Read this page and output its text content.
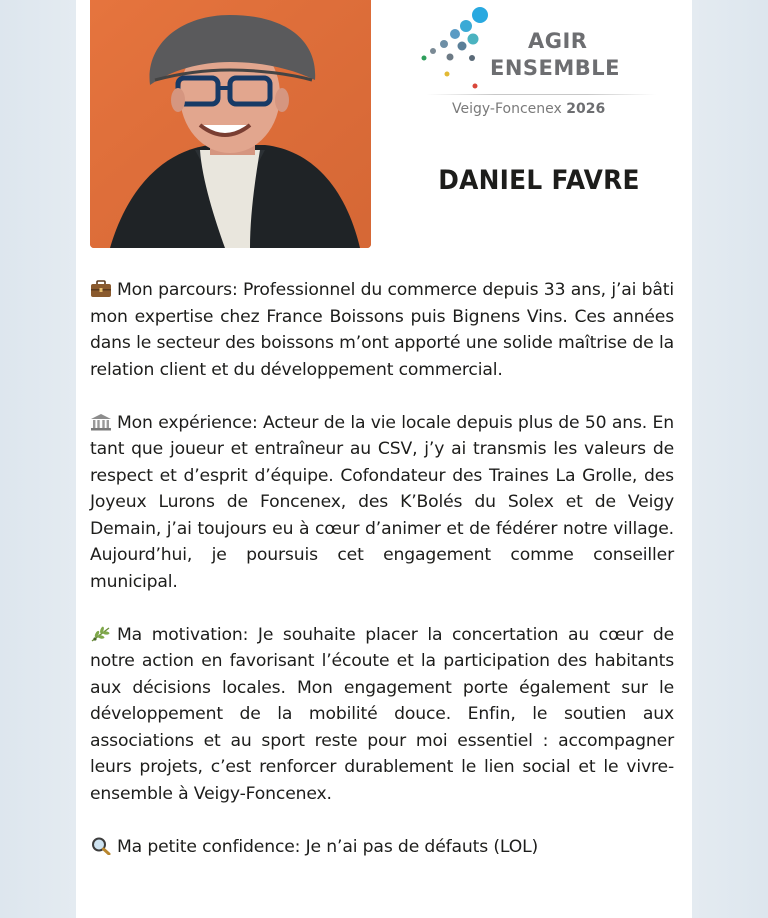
AGIR
ENSEMBLE
Veigy-Foncenex 2026
DANIEL FAVRE

Mon parcours: Professionnel du commerce depuis 33 ans, j’ai bâti mon expertise chez France Boissons puis Bignens Vins. Ces années dans le secteur des boissons m’ont apporté une solide maîtrise de la relation client et du développement commercial.

Mon expérience: Acteur de la vie locale depuis plus de 50 ans. En tant que joueur et entraîneur au CSV, j’y ai transmis les valeurs de respect et d’esprit d’équipe. Cofondateur des Traines La Grolle, des Joyeux Lurons de Foncenex, des K’Bolés du Solex et de Veigy Demain, j’ai toujours eu à cœur d’animer et de fédérer notre village. Aujourd’hui, je poursuis cet engagement comme conseiller municipal.

Ma motivation: Je souhaite placer la concertation au cœur de notre action en favorisant l’écoute et la participation des habitants aux décisions locales. Mon engagement porte également sur le développement de la mobilité douce. Enfin, le soutien aux associations et au sport reste pour moi essentiel : accompagner leurs projets, c’est renforcer durablement le lien social et le vivre-ensemble à Veigy-Foncenex.

Ma petite confidence: Je n’ai pas de défauts (LOL)
